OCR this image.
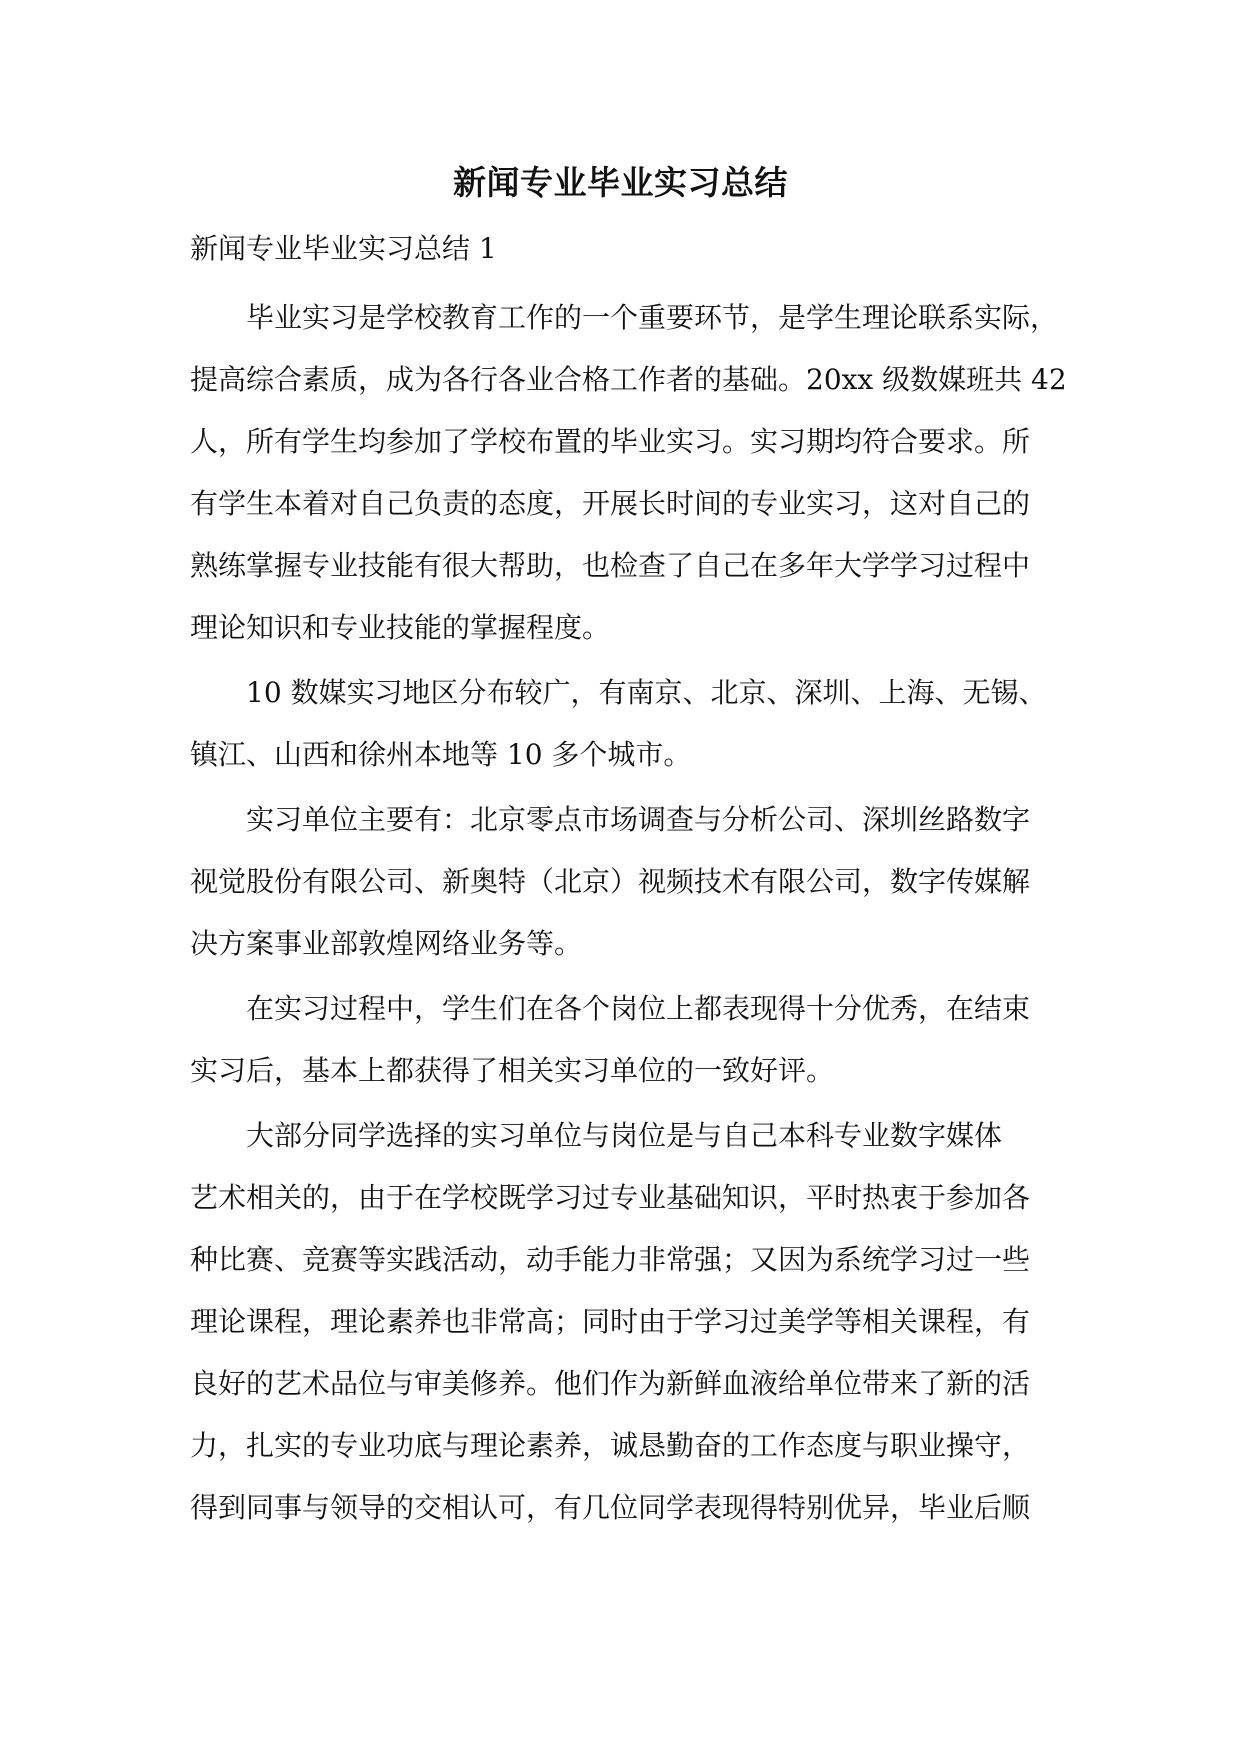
新闻专业毕业实习总结
新闻专业毕业实习总结 1
毕业实习是学校教育工作的一个重要环节，是学生理论联系实际，
提高综合素质，成为各行各业合格工作者的基础。20xx 级数媒班共 42
人，所有学生均参加了学校布置的毕业实习。实习期均符合要求。所
有学生本着对自己负责的态度，开展长时间的专业实习，这对自己的
熟练掌握专业技能有很大帮助，也检查了自己在多年大学学习过程中
理论知识和专业技能的掌握程度。
10 数媒实习地区分布较广，有南京、北京、深圳、上海、无锡、
镇江、山西和徐州本地等 10 多个城市。
实习单位主要有：北京零点市场调查与分析公司、深圳丝路数字
视觉股份有限公司、新奥特（北京）视频技术有限公司，数字传媒解
决方案事业部敦煌网络业务等。
在实习过程中，学生们在各个岗位上都表现得十分优秀，在结束
实习后，基本上都获得了相关实习单位的一致好评。
大部分同学选择的实习单位与岗位是与自己本科专业数字媒体
艺术相关的，由于在学校既学习过专业基础知识，平时热衷于参加各
种比赛、竞赛等实践活动，动手能力非常强；又因为系统学习过一些
理论课程，理论素养也非常高；同时由于学习过美学等相关课程，有
良好的艺术品位与审美修养。他们作为新鲜血液给单位带来了新的活
力，扎实的专业功底与理论素养，诚恳勤奋的工作态度与职业操守，
得到同事与领导的交相认可，有几位同学表现得特别优异，毕业后顺
